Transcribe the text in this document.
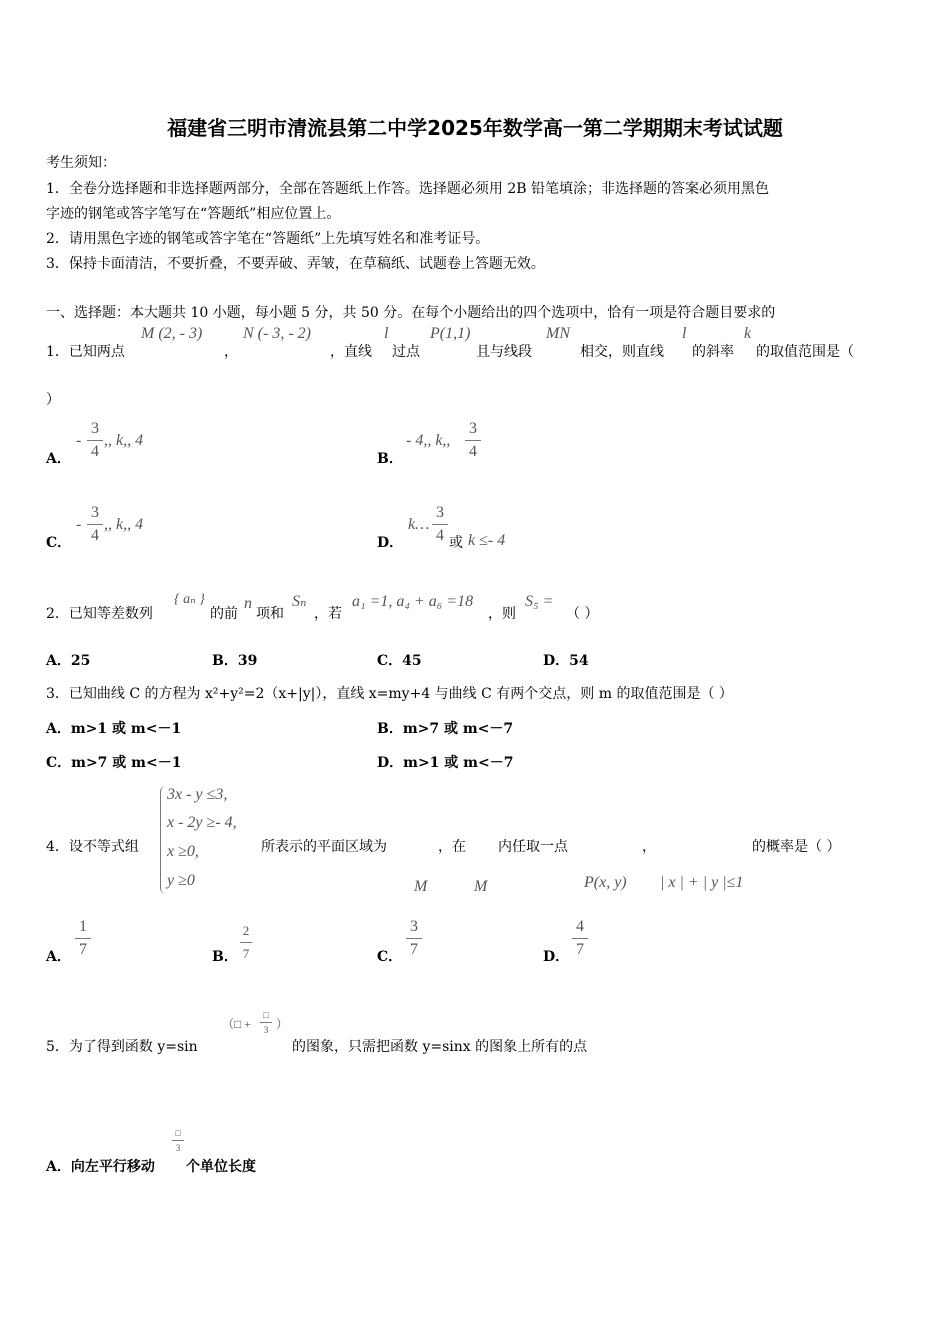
福建省三明市清流县第二中学2025年数学高一第二学期期末考试试题
考生须知：
1．全卷分选择题和非选择题两部分，全部在答题纸上作答。选择题必须用 2B 铅笔填涂；非选择题的答案必须用黑色
字迹的钢笔或答字笔写在“答题纸”相应位置上。
2．请用黑色字迹的钢笔或答字笔在“答题纸”上先填写姓名和准考证号。
3．保持卡面清洁，不要折叠，不要弄破、弄皱，在草稿纸、试题卷上答题无效。
一、选择题：本大题共 10 小题，每小题 5 分，共 50 分。在每个小题给出的四个选项中，恰有一项是符合题目要求的
1．已知两点
M (2, - 3)
，
N (- 3, - 2)
，直线
l
过点
P(1,1)
且与线段
MN
相交，则直线
l
的斜率
k
的取值范围是（
）
A．
-
3
4
,, k,, 4
B．
- 4,, k,,
3
4
C．
-
3
4
,, k,, 4
D．
k…
3
4 或 k ≤- 4
2．已知等差数列
{ aₙ }
的前
n
项和
Sₙ
，若
a₁ =1, a₄ + a₆ =18
，则
S₅ =
（ ）
A．25	B．39	C．45	D．54
3．已知曲线 C 的方程为 x²+y²=2（x+|y|），直线 x=my+4 与曲线 C 有两个交点，则 m 的取值范围是（ ）
A．m>1 或 m<－1	B．m>7 或 m<－7
C．m>7 或 m<－1	D．m>1 或 m<－7
4．设不等式组
3x - y ≤3,
x - 2y ≥- 4,
x ≥0,
y ≥0
所表示的平面区域为	，在 内任取一点	，	的概率是（ ）
M	M	P(x, y) | x | + | y |≤1
A．
1
7	B．
2
7	C．
3
7	D．
4
7
5．为了得到函数 y=sin
（□ +
□
3 ）
的图象，只需把函数 y=sinx 的图象上所有的点
A．向左平行移动
□
3
个单位长度
